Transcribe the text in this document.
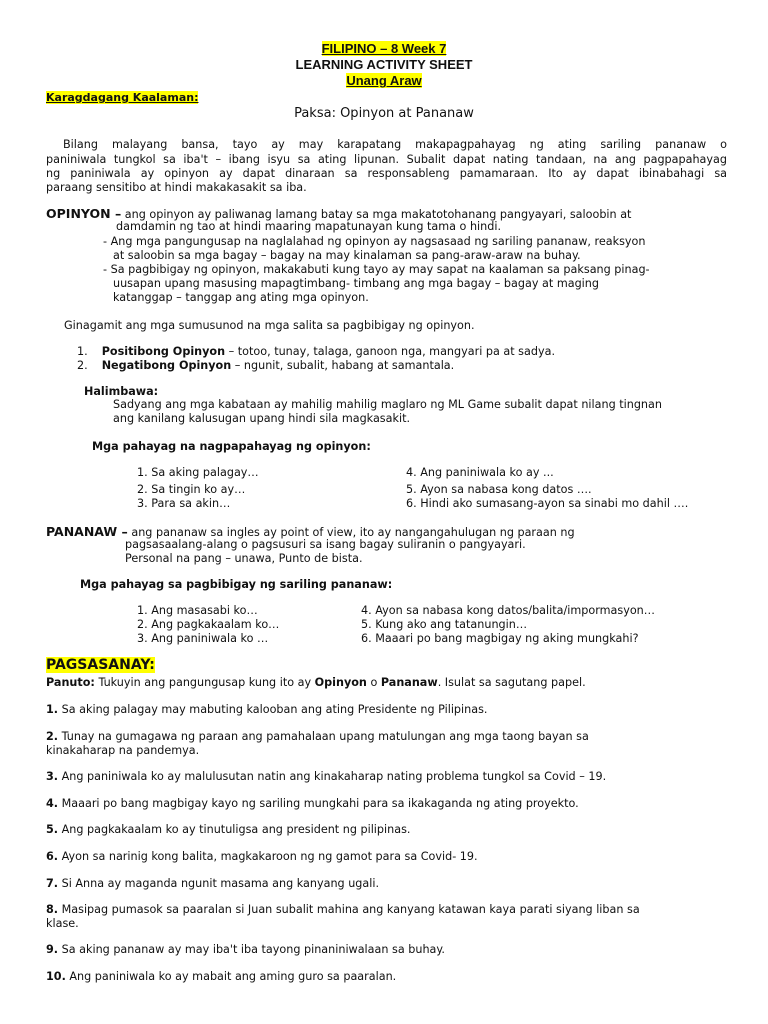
FILIPINO – 8 Week 7
LEARNING ACTIVITY SHEET
Unang Araw
Karagdagang Kaalaman:
Paksa: Opinyon at Pananaw
Bilang malayang bansa, tayo ay may karapatang makapagpahayag ng ating sariling pananaw o
paniniwala tungkol sa iba't – ibang isyu sa ating lipunan. Subalit dapat nating tandaan, na ang pagpapahayag
ng paniniwala ay opinyon ay dapat dinaraan sa responsableng pamamaraan. Ito ay dapat ibinabahagi sa
paraang sensitibo at hindi makakasakit sa iba.
OPINYON – ang opinyon ay paliwanag lamang batay sa mga makatotohanang pangyayari, saloobin at
damdamin ng tao at hindi maaring mapatunayan kung tama o hindi.
- Ang mga pangungusap na naglalahad ng opinyon ay nagsasaad ng sariling pananaw, reaksyon
at saloobin sa mga bagay – bagay na may kinalaman sa pang-araw-araw na buhay.
- Sa pagbibigay ng opinyon, makakabuti kung tayo ay may sapat na kaalaman sa paksang pinag-
uusapan upang masusing mapagtimbang- timbang ang mga bagay – bagay at maging
katanggap – tanggap ang ating mga opinyon.
Ginagamit ang mga sumusunod na mga salita sa pagbibigay ng opinyon.
1. Positibong Opinyon – totoo, tunay, talaga, ganoon nga, mangyari pa at sadya.
2. Negatibong Opinyon – ngunit, subalit, habang at samantala.
Halimbawa:
Sadyang ang mga kabataan ay mahilig mahilig maglaro ng ML Game subalit dapat nilang tingnan
ang kanilang kalusugan upang hindi sila magkasakit.
Mga pahayag na nagpapahayag ng opinyon:
1. Sa aking palagay…
2. Sa tingin ko ay…
3. Para sa akin…
4. Ang paniniwala ko ay ...
5. Ayon sa nabasa kong datos ….
6. Hindi ako sumasang-ayon sa sinabi mo dahil ….
PANANAW – ang pananaw sa ingles ay point of view, ito ay nangangahulugan ng paraan ng
pagsasaalang-alang o pagsusuri sa isang bagay suliranin o pangyayari.
Personal na pang – unawa, Punto de bista.
Mga pahayag sa pagbibigay ng sariling pananaw:
1. Ang masasabi ko…
2. Ang pagkakaalam ko…
3. Ang paniniwala ko …
4. Ayon sa nabasa kong datos/balita/impormasyon…
5. Kung ako ang tatanungin…
6. Maaari po bang magbigay ng aking mungkahi?
PAGSASANAY:
Panuto: Tukuyin ang pangungusap kung ito ay Opinyon o Pananaw. Isulat sa sagutang papel.
1. Sa aking palagay may mabuting kalooban ang ating Presidente ng Pilipinas.
2. Tunay na gumagawa ng paraan ang pamahalaan upang matulungan ang mga taong bayan sa
kinakaharap na pandemya.
3. Ang paniniwala ko ay malulusutan natin ang kinakaharap nating problema tungkol sa Covid – 19.
4. Maaari po bang magbigay kayo ng sariling mungkahi para sa ikakaganda ng ating proyekto.
5. Ang pagkakaalam ko ay tinutuligsa ang president ng pilipinas.
6. Ayon sa narinig kong balita, magkakaroon ng ng gamot para sa Covid- 19.
7. Si Anna ay maganda ngunit masama ang kanyang ugali.
8. Masipag pumasok sa paaralan si Juan subalit mahina ang kanyang katawan kaya parati siyang liban sa
klase.
9. Sa aking pananaw ay may iba't iba tayong pinaniniwalaan sa buhay.
10. Ang paniniwala ko ay mabait ang aming guro sa paaralan.
